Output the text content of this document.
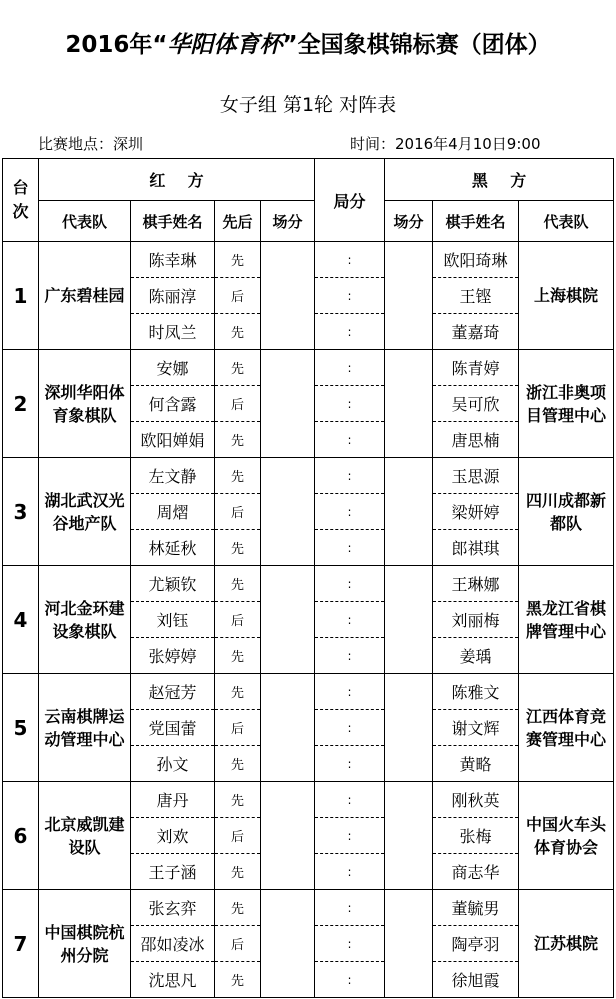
2016年“华阳体育杯”全国象棋锦标赛（团体）
女子组 第1轮 对阵表
比赛地点：深圳	时间：2016年4月10日9:00
台次	红    方				局分	黑    方		
	代表队	棋手姓名	先后	场分		场分	棋手姓名	代表队
1	广东碧桂园	陈幸琳	先		:		欧阳琦琳	上海棋院
		陈丽淳	后		:		王铿	
		时凤兰	先		:		董嘉琦	
2	深圳华阳体育象棋队	安娜	先		:		陈青婷	浙江非奥项目管理中心
		何含露	后		:		吴可欣	
		欧阳婵娟	先		:		唐思楠	
3	湖北武汉光谷地产队	左文静	先		:		玉思源	四川成都新都队
		周熠	后		:		梁妍婷	
		林延秋	先		:		郎祺琪	
4	河北金环建设象棋队	尤颖钦	先		:		王琳娜	黑龙江省棋牌管理中心
		刘钰	后		:		刘丽梅	
		张婷婷	先		:		姜瑀	
5	云南棋牌运动管理中心	赵冠芳	先		:		陈雅文	江西体育竞赛管理中心
		党国蕾	后		:		谢文辉	
		孙文	先		:		黄略	
6	北京威凯建设队	唐丹	先		:		刚秋英	中国火车头体育协会
		刘欢	后		:		张梅	
		王子涵	先		:		商志华	
7	中国棋院杭州分院	张玄弈	先		:		董毓男	江苏棋院
		邵如凌冰	后		:		陶亭羽	
		沈思凡	先		:		徐旭霞	
